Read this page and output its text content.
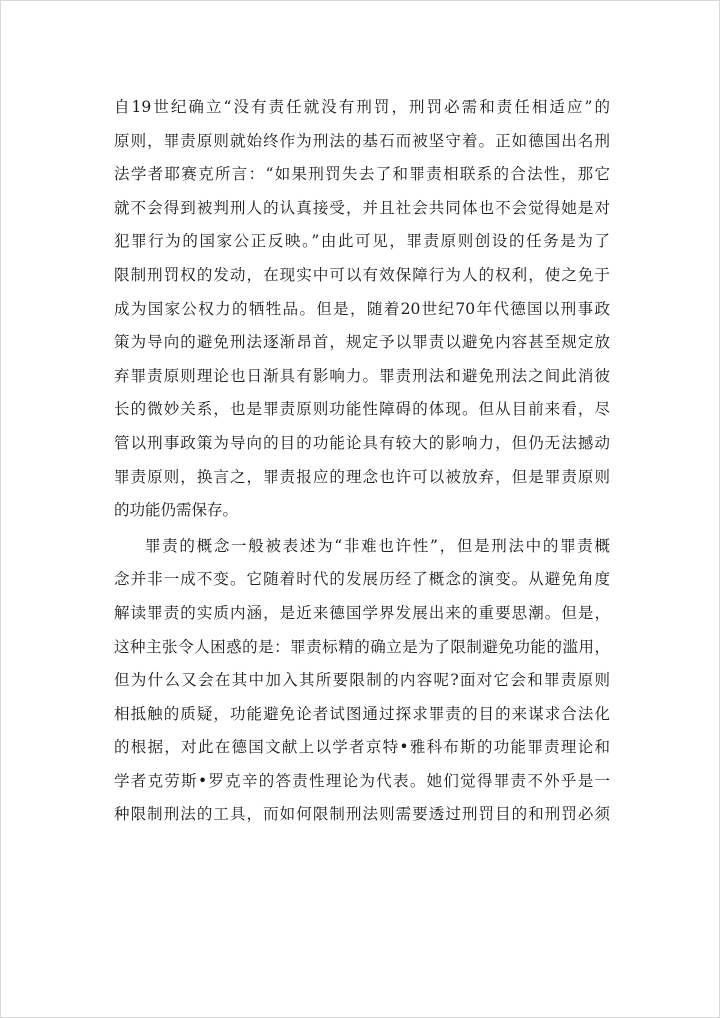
自19世纪确立“没有责任就没有刑罚，刑罚必需和责任相适应”的
原则，罪责原则就始终作为刑法的基石而被坚守着。正如德国出名刑
法学者耶赛克所言：“如果刑罚失去了和罪责相联系的合法性，那它
就不会得到被判刑人的认真接受，并且社会共同体也不会觉得她是对
犯罪行为的国家公正反映。”由此可见，罪责原则创设的任务是为了
限制刑罚权的发动，在现实中可以有效保障行为人的权利，使之免于
成为国家公权力的牺牲品。但是，随着20世纪70年代德国以刑事政
策为导向的避免刑法逐渐昂首，规定予以罪责以避免内容甚至规定放
弃罪责原则理论也日渐具有影响力。罪责刑法和避免刑法之间此消彼
长的微妙关系，也是罪责原则功能性障碍的体现。但从目前来看，尽
管以刑事政策为导向的目的功能论具有较大的影响力，但仍无法撼动
罪责原则，换言之，罪责报应的理念也许可以被放弃，但是罪责原则
的功能仍需保存。
罪责的概念一般被表述为“非难也许性”，但是刑法中的罪责概
念并非一成不变。它随着时代的发展历经了概念的演变。从避免角度
解读罪责的实质内涵，是近来德国学界发展出来的重要思潮。但是，
这种主张令人困惑的是：罪责标精的确立是为了限制避免功能的滥用，
但为什么又会在其中加入其所要限制的内容呢?面对它会和罪责原则
相抵触的质疑，功能避免论者试图通过探求罪责的目的来谋求合法化
的根据，对此在德国文献上以学者京特•雅科布斯的功能罪责理论和
学者克劳斯•罗克辛的答责性理论为代表。她们觉得罪责不外乎是一
种限制刑法的工具，而如何限制刑法则需要透过刑罚目的和刑罚必须
